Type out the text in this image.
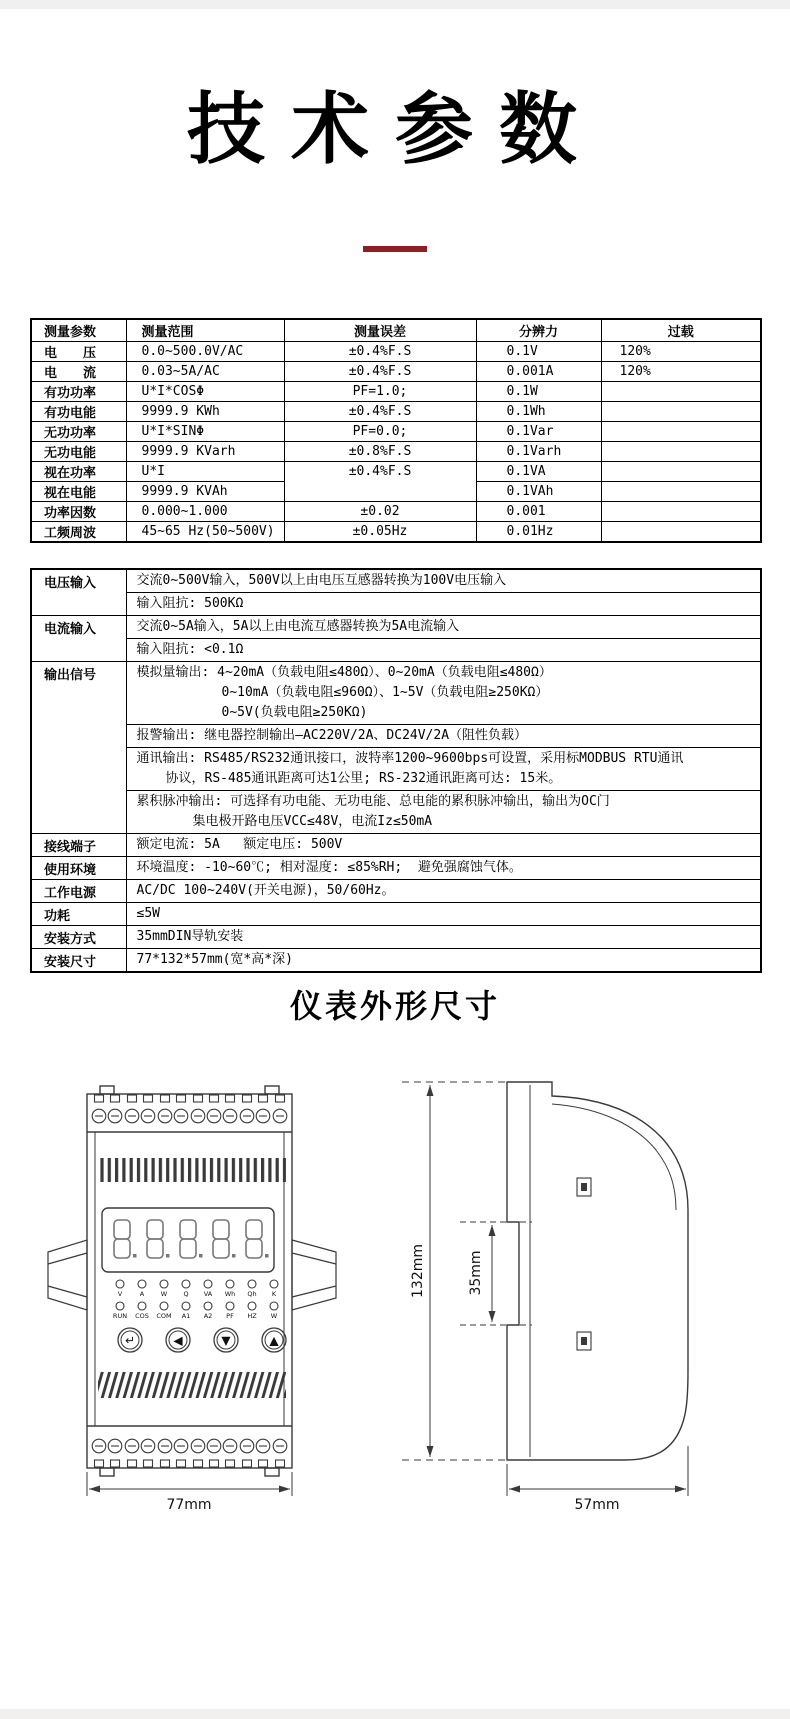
技术参数
测量参数	测量范围	测量误差	分辨力	过载
电　　压	0.0~500.0V/AC	±0.4%F.S	0.1V	120%
电　　流	0.03~5A/AC	±0.4%F.S	0.001A	120%
有功功率	U*I*COSΦ	PF=1.0;	0.1W	
有功电能	9999.9 KWh	±0.4%F.S	0.1Wh	
无功功率	U*I*SINΦ	PF=0.0;	0.1Var	
无功电能	9999.9 KVarh	±0.8%F.S	0.1Varh	
视在功率	U*I	±0.4%F.S	0.1VA	
视在电能	9999.9 KVAh		0.1VAh	
功率因数	0.000~1.000	±0.02	0.001	
工频周波	45~65 Hz(50~500V)	±0.05Hz	0.01Hz	
电压输入	交流0~500V输入，500V以上由电压互感器转换为100V电压输入

	输入阻抗: 500KΩ

电流输入	交流0~5A输入，5A以上由电流互感器转换为5A电流输入

	输入阻抗: <0.1Ω

输出信号	模拟量输出: 4~20mA（负载电阻≤480Ω）、0~20mA（负载电阻≤480Ω）
0~10mA（负载电阻≤960Ω）、1~5V（负载电阻≥250KΩ）
0~5V(负载电阻≥250KΩ)

	报警输出: 继电器控制输出—AC220V/2A、DC24V/2A（阻性负载）

	通讯输出: RS485/RS232通讯接口，波特率1200~9600bps可设置，采用标MODBUS RTU通讯
协议，RS-485通讯距离可达1公里; RS-232通讯距离可达: 15米。

	累积脉冲输出: 可选择有功电能、无功电能、总电能的累积脉冲输出，输出为OC门
集电极开路电压VCC≤48V，电流Iz≤50mA

接线端子	额定电流: 5A   额定电压: 500V

使用环境	环境温度: -10~60℃; 相对湿度: ≤85%RH;  避免强腐蚀气体。

工作电源	AC/DC 100~240V(开关电源)，50/60Hz。

功耗	≤5W

安装方式	35mmDIN导轨安装

安装尺寸	77*132*57mm(宽*高*深)
仪表外形尺寸
V	A	W Q VA Wh Qh K
RUN COS COM A1 A2 PF HZ W
↵	◀	▼	▲
77mm
132mm	35mm
57mm
